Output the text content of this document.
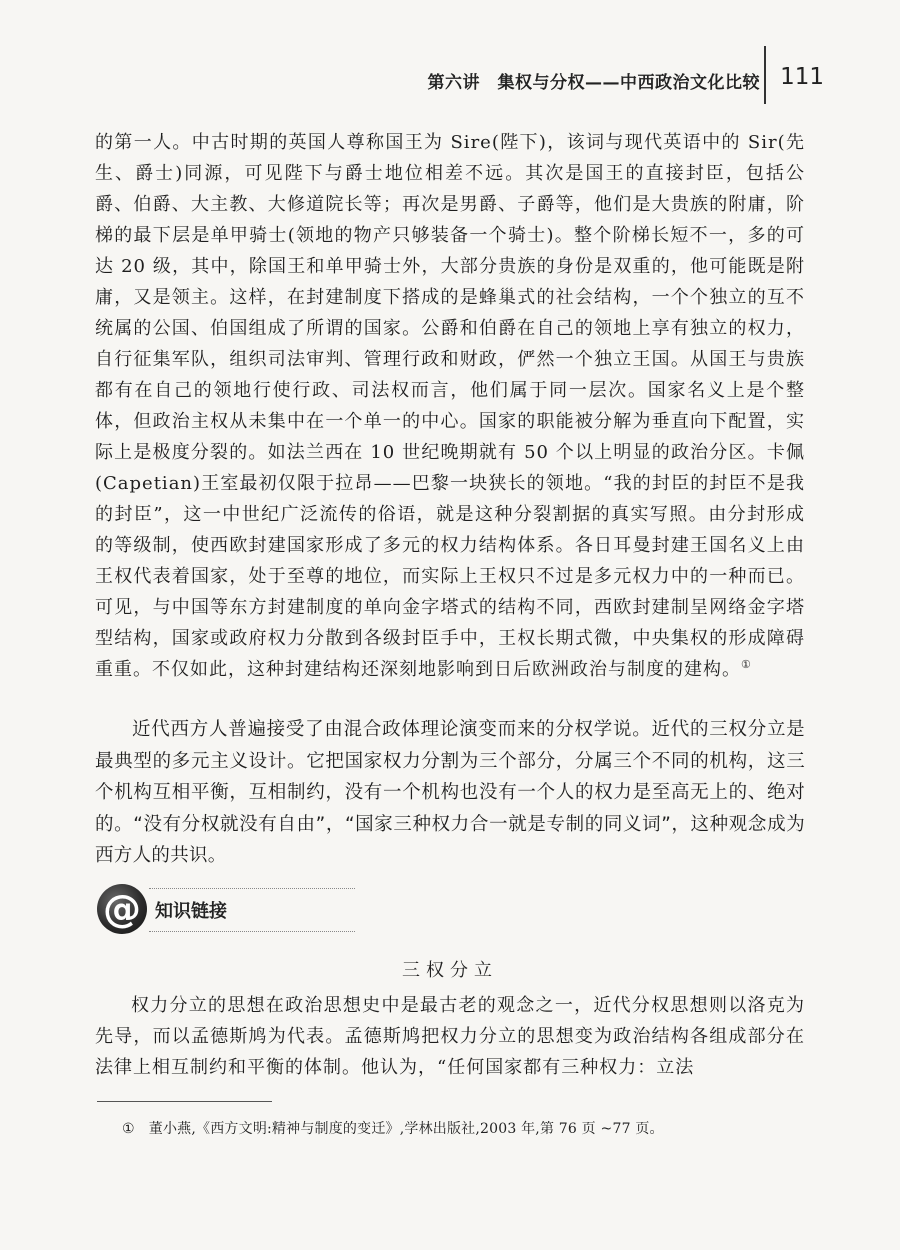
第六讲　集权与分权——中西政治文化比较 111

的第一人。中古时期的英国人尊称国王为 Sire(陛下)，该词与现代英语中的 Sir(先生、爵士)同源，可见陛下与爵士地位相差不远。其次是国王的直接封臣，包括公爵、伯爵、大主教、大修道院长等；再次是男爵、子爵等，他们是大贵族的附庸，阶梯的最下层是单甲骑士(领地的物产只够装备一个骑士)。整个阶梯长短不一，多的可达 20 级，其中，除国王和单甲骑士外，大部分贵族的身份是双重的，他可能既是附庸，又是领主。这样，在封建制度下搭成的是蜂巢式的社会结构，一个个独立的互不统属的公国、伯国组成了所谓的国家。公爵和伯爵在自己的领地上享有独立的权力，自行征集军队，组织司法审判、管理行政和财政，俨然一个独立王国。从国王与贵族都有在自己的领地行使行政、司法权而言，他们属于同一层次。国家名义上是个整体，但政治主权从未集中在一个单一的中心。国家的职能被分解为垂直向下配置，实际上是极度分裂的。如法兰西在 10 世纪晚期就有 50 个以上明显的政治分区。卡佩(Capetian)王室最初仅限于拉昂——巴黎一块狭长的领地。“我的封臣的封臣不是我的封臣”，这一中世纪广泛流传的俗语，就是这种分裂割据的真实写照。由分封形成的等级制，使西欧封建国家形成了多元的权力结构体系。各日耳曼封建王国名义上由王权代表着国家，处于至尊的地位，而实际上王权只不过是多元权力中的一种而已。可见，与中国等东方封建制度的单向金字塔式的结构不同，西欧封建制呈网络金字塔型结构，国家或政府权力分散到各级封臣手中，王权长期式微，中央集权的形成障碍重重。不仅如此，这种封建结构还深刻地影响到日后欧洲政治与制度的建构。①

近代西方人普遍接受了由混合政体理论演变而来的分权学说。近代的三权分立是最典型的多元主义设计。它把国家权力分割为三个部分，分属三个不同的机构，这三个机构互相平衡，互相制约，没有一个机构也没有一个人的权力是至高无上的、绝对的。“没有分权就没有自由”，“国家三种权力合一就是专制的同义词”，这种观念成为西方人的共识。

@ 知识链接
三权分立

权力分立的思想在政治思想史中是最古老的观念之一，近代分权思想则以洛克为先导，而以孟德斯鸠为代表。孟德斯鸠把权力分立的思想变为政治结构各组成部分在法律上相互制约和平衡的体制。他认为，“任何国家都有三种权力：立法

① 董小燕,《西方文明:精神与制度的变迁》,学林出版社,2003 年,第 76 页 ~77 页。
